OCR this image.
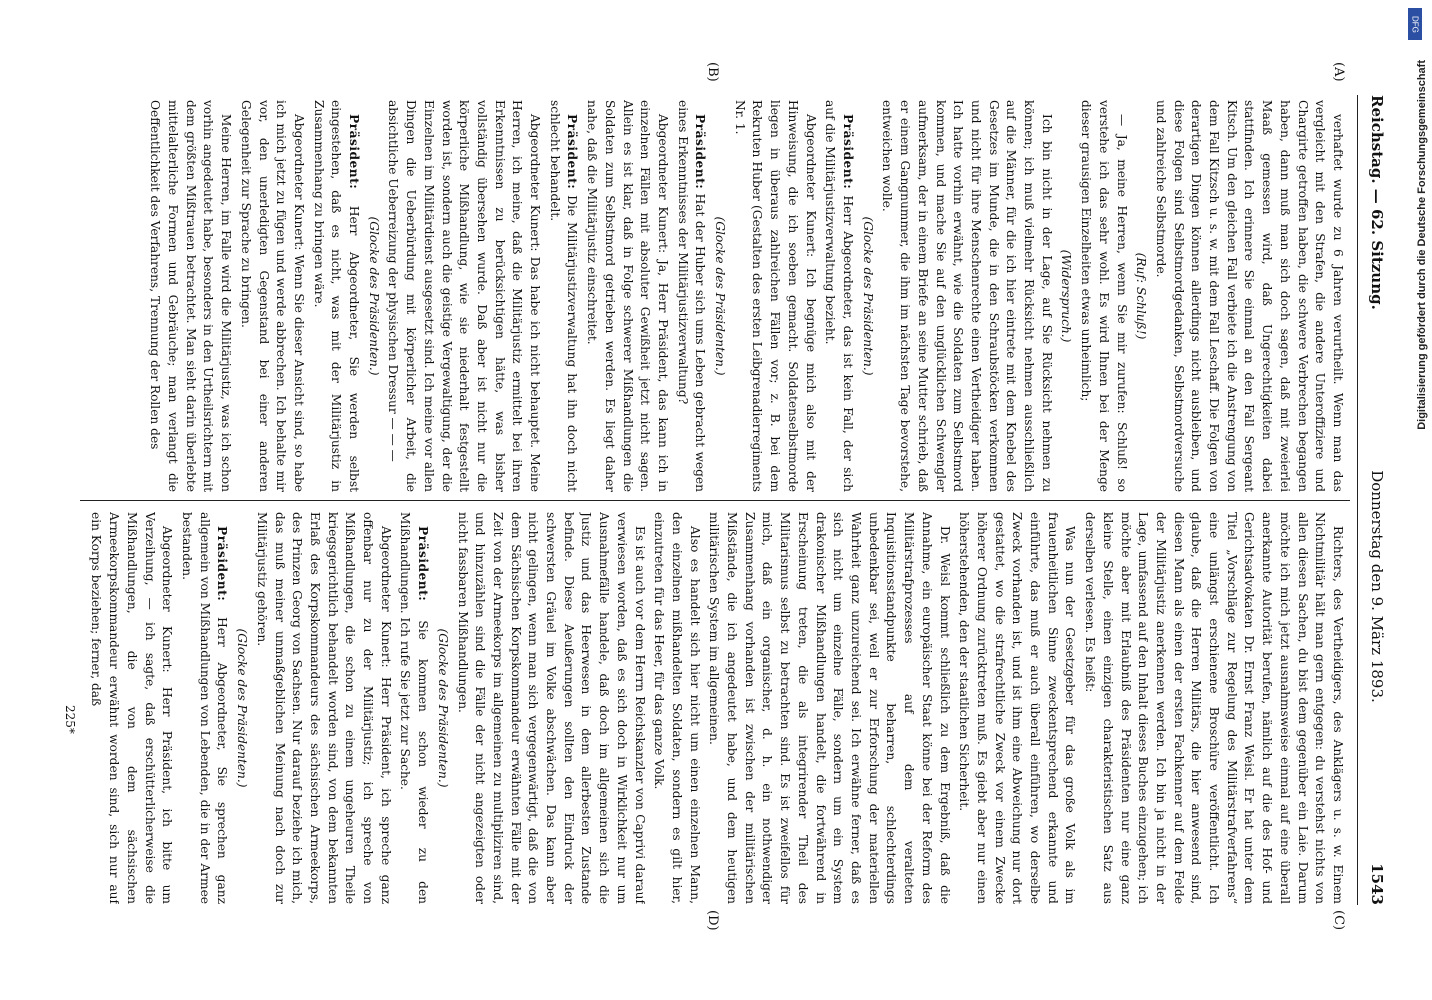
Reichstag. — 62. Sitzung.
Donnerstag den 9. März 1893.
1543
(A)
(B)
(C)
(D)

verhaftet wurde zu 6 Jahren verurtheilt. Wenn man das vergleicht mit den Strafen, die andere Unteroffiziere und Chargirte getroffen haben, die schwere Verbrechen begangen haben, dann muß man sich doch sagen, daß mit zweierlei Maaß gemessen wird, daß Ungerechtigkeiten dabei stattfinden. Ich erinnere Sie einmal an den Fall Sergeant Kitsch. Um den gleichen Fall verbiete ich die Anstrengung von dem Fall Kitzsch u. s. w. mit dem Fall Leschaff. Die Folgen von derartigen Dingen können allerdings nicht ausbleiben, und diese Folgen sind Selbstmordgedanken, Selbstmordversuche und zahlreiche Selbstmorde.

(Ruf: Schluß!)

— Ja, meine Herren, wenn Sie mir zurufen: Schluß! so verstehe ich das sehr wohl. Es wird Ihnen bei der Menge dieser grausigen Einzelheiten etwas unheimlich;

(Widerspruch.)

Ich bin nicht in der Lage, auf Sie Rücksicht nehmen zu können; ich muß vielmehr Rücksicht nehmen ausschließlich auf die Männer, für die ich hier eintrete mit dem Knebel des Gesetzes im Munde, die in den Schraubstöcken verkommen und nicht für ihre Menschenrechte einen Vertheidiger haben. Ich hatte vorhin erwähnt, wie die Soldaten zum Selbstmord kommen, und mache Sie auf den unglücklichen Schwengler aufmerksam, der in einem Briefe an seine Mutter schrieb, daß er einem Gangnummer, die ihm im nächsten Tage bevorstehe, entweichen wolle.

(Glocke des Präsidenten.)

Präsident: Herr Abgeordneter, das ist kein Fall, der sich auf die Militärjustizverwaltung bezieht.

Abgeordneter Kunert: Ich begnüge mich also mit der Hinweisung, die ich soeben gemacht. Soldatenselbstmorde liegen in überaus zahlreichen Fällen vor; z. B. bei dem Rekruten Huber (Gestalten des ersten Leibgrenadierregiments Nr. 1.

(Glocke des Präsidenten.)

Präsident: Hat der Huber sich ums Leben gebracht wegen eines Erkenntnisses der Militärjustizverwaltung?

Abgeordneter Kunert: Ja, Herr Präsident, das kann ich in einzelnen Fällen mit absoluter Gewißheit jetzt nicht sagen. Allein es ist klar, daß in Folge schwerer Mißhandlungen die Soldaten zum Selbstmord getrieben werden. Es liegt daher nahe, daß die Militärjustiz einschreitet.

Präsident: Die Militärjustizverwaltung hat ihn doch nicht schlecht behandelt.

Abgeordneter Kunert: Das habe ich nicht behauptet. Meine Herren, ich meine, daß die Militärjustiz ermittelt bei ihren Erkenntnissen zu berücksichtigen hätte, was bisher vollständig übersehen wurde. Daß aber ist nicht nur die körperliche Mißhandlung, wie sie niederhalt festgestellt worden ist, sondern auch die geistige Vergewaltigung, der die Einzelnen im Militärdienst ausgesetzt sind. Ich meine vor allen Dingen die Ueberbürdung mit körperlicher Arbeit, die absichtliche Ueberreizung der physischen Dressur — — —

(Glocke des Präsidenten.)

Präsident: Herr Abgeordneter, Sie werden selbst eingestehen, daß es nicht, was mit der Militärjustiz in Zusammenhang zu bringen wäre.

Abgeordneter Kunert: Wenn Sie dieser Ansicht sind, so habe ich mich jetzt zu fügen und werde abbrechen. Ich behalte mir vor, den unerledigten Gegenstand bei einer anderen Gelegenheit zur Sprache zu bringen.

Meine Herren, im Falle wird die Militärjustiz, was ich schon vorhin angedeutet habe, besonders in den Urtheilsrichtern mit dem größten Mißtrauen betrachtet. Man sieht darin überlebte mittelalterliche Formen und Gebräuche; man verlangt die Oeffentlichkeit des Verfahrens, Trennung der Rollen des

Richters, des Vertheidigers, des Anklägers u. s. w. Einem Nichtmilitär hält man gern entgegen: du verstehst nichts von allen diesen Sachen, du bist dem gegenüber ein Laie. Darum möchte ich mich jetzt ausnahmsweise einmal auf eine überall anerkannte Autorität berufen, nämlich auf die des Hof- und Gerichtsadvokaten Dr. Ernst Franz Weisl. Er hat unter dem Titel „Vorschläge zur Regelung des Militärstrafverfahrens“ eine unlängst erschienene Broschüre veröffentlicht. Ich glaube, daß die Herren Militärs, die hier anwesend sind, diesen Mann als einen der ersten Fachkenner auf dem Felde der Militärjustiz anerkennen werden. Ich bin ja nicht in der Lage, umfassend auf den Inhalt dieses Buches einzugehen; ich möchte aber mit Erlaubniß des Präsidenten nur eine ganz kleine Stelle, einen einzigen charakteristischen Satz aus derselben verlesen. Es heißt:

Was nun der Gesetzgeber für das große Volk als im frauenheitlichen Sinne zweckentsprechend erkannte und einführte, das muß er auch überall einführen, wo derselbe Zweck vorhanden ist, und ist ihm eine Abweichung nur dort gestattet, wo die strafrechtliche Zweck vor einem Zwecke höherer Ordnung zurücktreten muß. Es giebt aber nur einen höherstehenden, den der staatlichen Sicherheit.

Dr. Weisl kommt schließlich zu dem Ergebniß, daß die Annahme, ein europäischer Staat könne bei der Reform des Militärstrafprozesses auf dem veralteten Inquisitionsstandpunkte beharren, schlechterdings unbedenkbar sei, weil er zur Erforschung der materiellen Wahrheit ganz unzureichend sei. Ich erwähne ferner, daß es sich nicht um einzelne Fälle, sondern um ein System drakonischer Mißhandlungen handelt, die fortwährend in Erscheinung treten, die als integrirender Theil des Militarismus selbst zu betrachten sind. Es ist zweifellos für mich, daß ein organischer, d. h. ein nothwendiger Zusammenhang vorhanden ist zwischen der militärischen Mißstände, die ich angedeutet habe, und dem heutigen militärischen System im allgemeinen.

Also es handelt sich hier nicht um einen einzelnen Mann, den einzelnen mißhandelten Soldaten, sondern es gilt hier, einzutreten für das Heer, für das ganze Volk.

Es ist auch vor dem Herrn Reichskanzler von Caprivi darauf verwiesen worden, daß es sich doch in Wirklichkeit nur um Ausnahmefälle handele, daß doch im allgemeinen sich die Justiz und das Heerwesen in dem allerbesten Zustande befinde. Diese Aeußerungen sollten den Eindruck der schwersten Gräuel im Volke abschwächen. Das kann aber nicht gelingen, wenn man sich vergegenwärtigt, daß die von dem Sächsischen Korpskommandeur erwähnten Fälle mit der Zeit von der Armeekorps im allgemeinen zu multipliziren sind, und hinzuzählen sind die Fälle der nicht angezeigten oder nicht fassbaren Mißhandlungen.

(Glocke des Präsidenten.)

Präsident: Sie kommen schon wieder zu den Mißhandlungen. Ich rufe Sie jetzt zur Sache.

Abgeordneter Kunert: Herr Präsident, ich spreche ganz offenbar nur zu der Militärjustiz; ich spreche von Mißhandlungen, die schon zu einem ungeheuren Theile kriegsgerichtlich behandelt worden sind, von dem bekannten Erlaß des Korpskommandeurs des sächsischen Armeekorps, des Prinzen Georg von Sachsen. Nur darauf beziehe ich mich, das muß meiner unmaßgeblichen Meinung nach doch zur Militärjustiz gehören.

(Glocke des Präsidenten.)

Präsident: Herr Abgeordneter, Sie sprechen ganz allgemein von Mißhandlungen von Lebenden, die in der Armee bestanden.

Abgeordneter Kunert: Herr Präsident, ich bitte um Verzeihung, — ich sagte, daß erschütterlicherweise die Mißhandlungen, die von dem sächsischen Armeekorpskommandeur erwähnt worden sind, sich nur auf ein Korps beziehen; ferner, daß

225*
DFG
Digitalisierung gefördert durch die Deutsche Forschungsgemeinschaft
